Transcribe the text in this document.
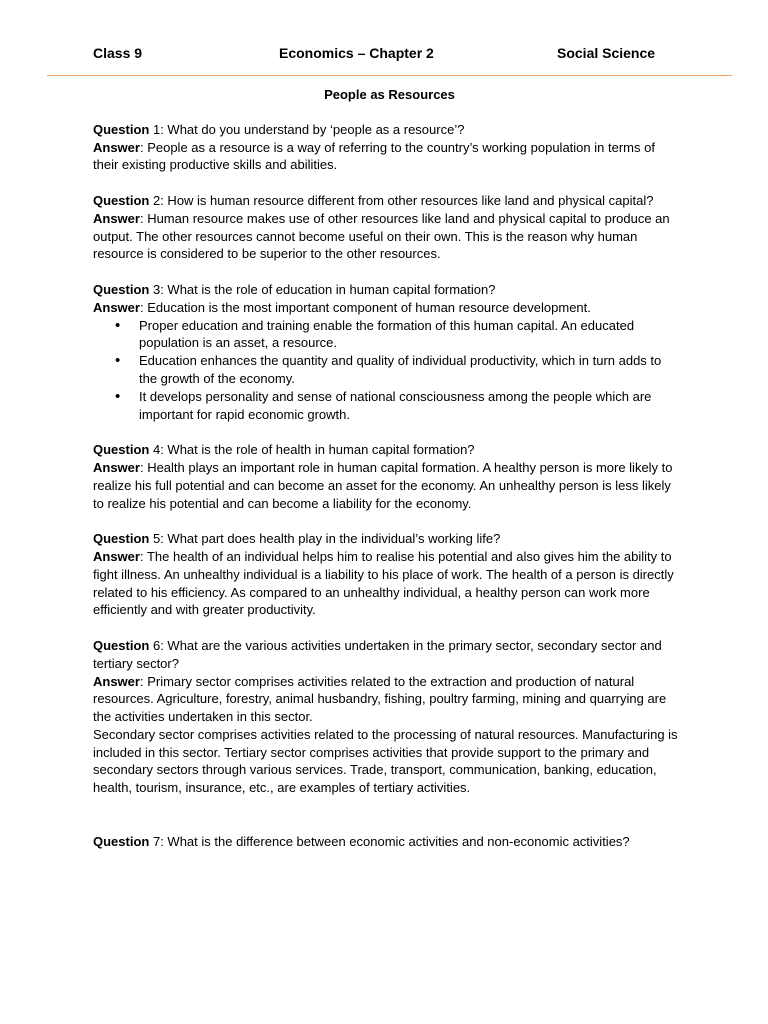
Class 9	Economics – Chapter 2	Social Science
People as Resources

Question 1: What do you understand by ‘people as a resource’?

Answer: People as a resource is a way of referring to the country’s working population in terms of their existing productive skills and abilities.

Question 2: How is human resource different from other resources like land and physical capital?

Answer: Human resource makes use of other resources like land and physical capital to produce an output. The other resources cannot become useful on their own. This is the reason why human resource is considered to be superior to the other resources.

Question 3: What is the role of education in human capital formation?

Answer: Education is the most important component of human resource development.

• Proper education and training enable the formation of this human capital. An educated population is an asset, a resource.
• Education enhances the quantity and quality of individual productivity, which in turn adds to the growth of the economy.
• It develops personality and sense of national consciousness among the people which are important for rapid economic growth.

Question 4: What is the role of health in human capital formation?

Answer: Health plays an important role in human capital formation. A healthy person is more likely to realize his full potential and can become an asset for the economy. An unhealthy person is less likely to realize his potential and can become a liability for the economy.

Question 5: What part does health play in the individual’s working life?

Answer: The health of an individual helps him to realise his potential and also gives him the ability to fight illness. An unhealthy individual is a liability to his place of work. The health of a person is directly related to his efficiency. As compared to an unhealthy individual, a healthy person can work more efficiently and with greater productivity.

Question 6: What are the various activities undertaken in the primary sector, secondary sector and tertiary sector?

Answer: Primary sector comprises activities related to the extraction and production of natural resources. Agriculture, forestry, animal husbandry, fishing, poultry farming, mining and quarrying are the activities undertaken in this sector.

Secondary sector comprises activities related to the processing of natural resources. Manufacturing is included in this sector. Tertiary sector comprises activities that provide support to the primary and secondary sectors through various services. Trade, transport, communication, banking, education, health, tourism, insurance, etc., are examples of tertiary activities.

Question 7: What is the difference between economic activities and non-economic activities?
